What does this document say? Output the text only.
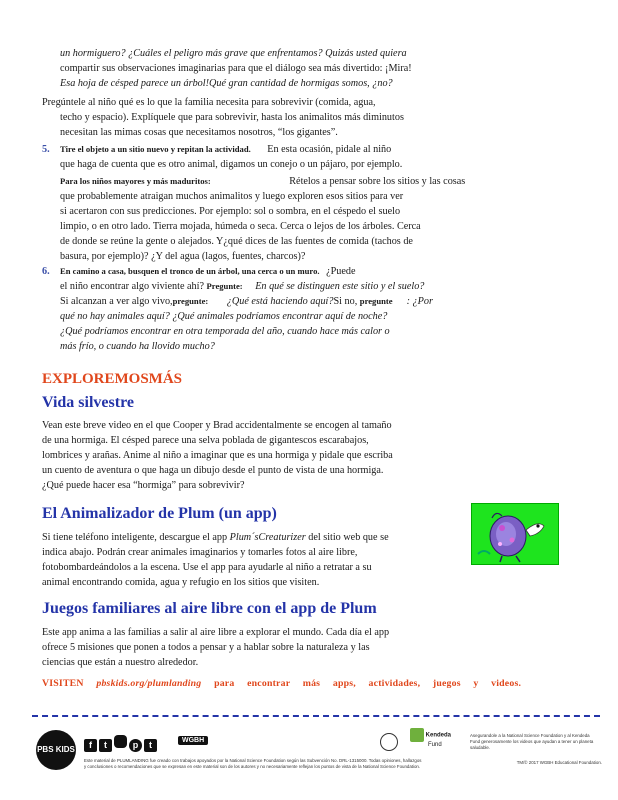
un hormiguero? ¿Cuáles el peligro más grave que enfrentamos? Quizás usted quiera
compartir sus observaciones imaginarias para que el diálogo sea más divertido: ¡Mira!
Esa hoja de césped parece un árbol!Qué gran cantidad de hormigas somos, ¿no?
Pregúntele al niño qué es lo que la familia necesita para sobrevivir (comida, agua,
techo y espacio). Explíquele que para sobrevivir, hasta los animalitos más diminutos
necesitan las mimas cosas que necesitamos nosotros, “los gigantes”.
5. Tire el objeto a un sitio nuevo y repitan la actividad. En esta ocasión, pidale al niño
que haga de cuenta que es otro animal, digamos un conejo o un pájaro, por ejemplo.
Para los niños mayores y más maduritos:	Rételos a pensar sobre los sitios y las cosas
que probablemente atraigan muchos animalitos y luego exploren esos sitios para ver
si acertaron con sus predicciones. Por ejemplo: sol o sombra, en el céspedo el suelo
limpio, o en otro lado. Tierra mojada, húmeda o seca. Cerca o lejos de los árboles. Cerca
de donde se reúne la gente o alejados. Y¿qué dices de las fuentes de comida (tachos de
basura, por ejemplo)? ¿Y del agua (lagos, fuentes, charcos)?
6. En camino a casa, busquen el tronco de un árbol, una cerca o un muro. ¿Puede
el niño encontrar algo viviente ahí? Pregunte: En qué se distinguen este sitio y el suelo?
Si alcanzan a ver algo vivo,pregunte: ¿Qué está haciendo aquí?Si no, pregunte : ¿Por
qué no hay animales aquí? ¿Qué animales podríamos encontrar aquí de noche?
¿Qué podríamos encontrar en otra temporada del año, cuando hace más calor o
más frío, o cuando ha llovido mucho?
EXPLOREMOSMÁS
Vida silvestre
Vean este breve video en el que Cooper y Brad accidentalmente se encogen al tamaño
de una hormiga. El césped parece una selva poblada de gigantescos escarabajos,
lombrices y arañas. Anime al niño a imaginar que es una hormiga y pidale que escriba
un cuento de aventura o que haga un dibujo desde el punto de vista de una hormiga.
¿Qué puede hacer esa “hormiga” para sobrevivir?
El Animalizador de Plum (un app)
Si tiene teléfono inteligente, descargue el app Plum´sCreaturizer del sitio web que se
indica abajo. Podrán crear animales imaginarios y tomarles fotos al aire libre,
fotobombardeándolos a la escena. Use el app para ayudarle al niño a retratar a su
animal encontrando comida, agua y refugio en los sitios que visiten.
Juegos familiares al aire libre con el app de Plum
Este app anima a las familias a salir al aire libre a explorar el mundo. Cada día el app
ofrece 5 misiones que ponen a todos a pensar y a hablar sobre la naturaleza y las
ciencias que están a nuestro alrededor.
VISITEN pbskids.org/plumlanding para encontrar más apps, actividades, juegos y videos.
PBS KIDS	f t	p t	WGBH
Kendeda
Fund
Asegurandole a la National Science Foundation y al Kendeda Fund generosamente los videos que ayudan a tener un planeta saludable.
Este material de PLUMLANDING fue creado con trabajos apoyados por la National Science Foundation según las Subvención No. DRL-1315000. Todas opiniones, hallazgos y conclusiones o recomendaciones que se expresan en este material son de los autores y no necesariamente reflejan los puntos de vista de la National Science Foundation.
TM/© 2017 WGBH Educational Foundation.
